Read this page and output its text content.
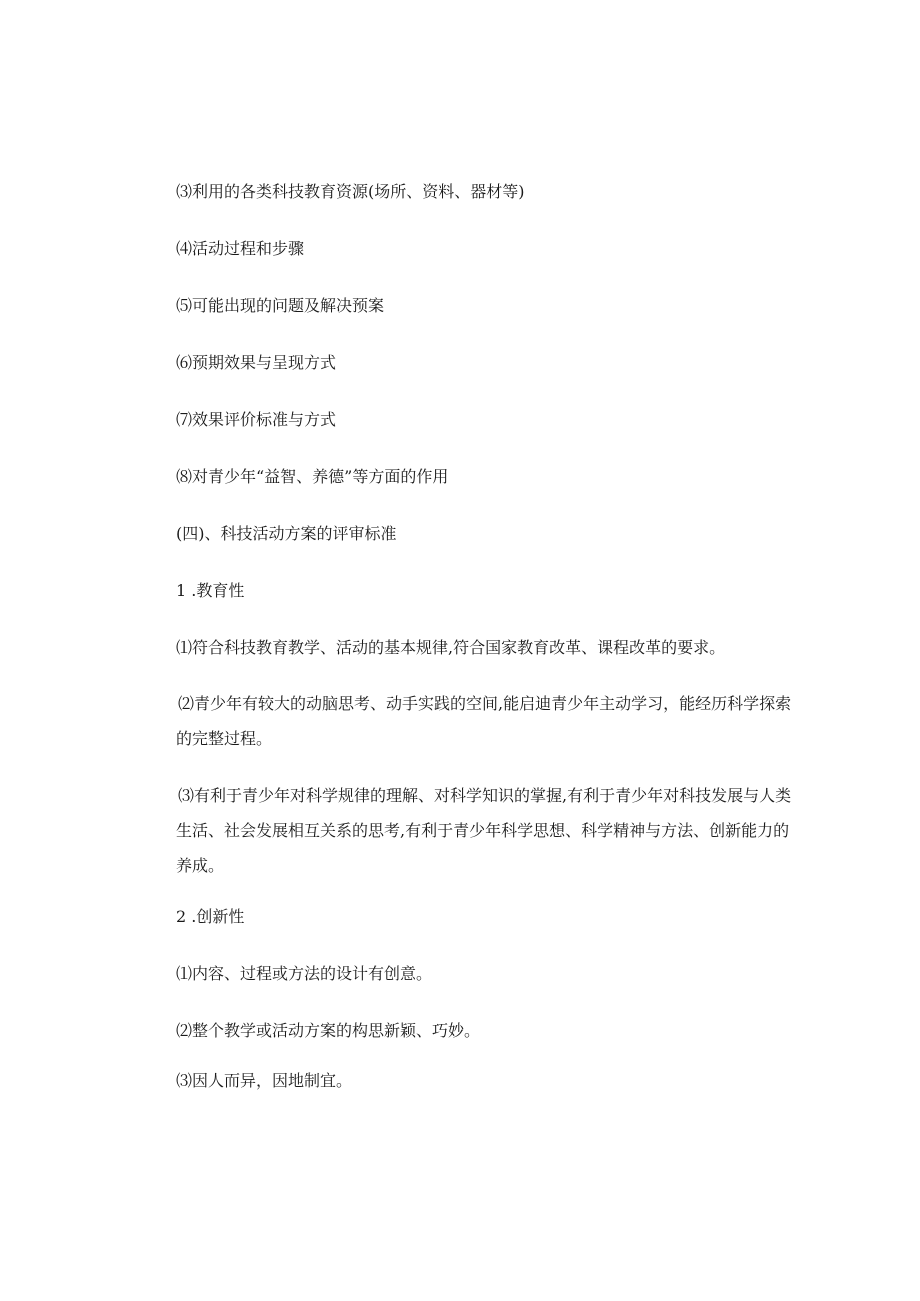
⑶利用的各类科技教育资源(场所、资料、器材等)
⑷活动过程和步骤
⑸可能出现的问题及解决预案
⑹预期效果与呈现方式
⑺效果评价标准与方式
⑻对青少年“益智、养德”等方面的作用
(四)、科技活动方案的评审标准
1 .教育性
⑴符合科技教育教学、活动的基本规律,符合国家教育改革、课程改革的要求。
⑵青少年有较大的动脑思考、动手实践的空间,能启迪青少年主动学习，能经历科学探索的完整过程。
⑶有利于青少年对科学规律的理解、对科学知识的掌握,有利于青少年对科技发展与人类生活、社会发展相互关系的思考,有利于青少年科学思想、科学精神与方法、创新能力的养成。
2 .创新性
⑴内容、过程或方法的设计有创意。
⑵整个教学或活动方案的构思新颖、巧妙。
⑶因人而异，因地制宜。
